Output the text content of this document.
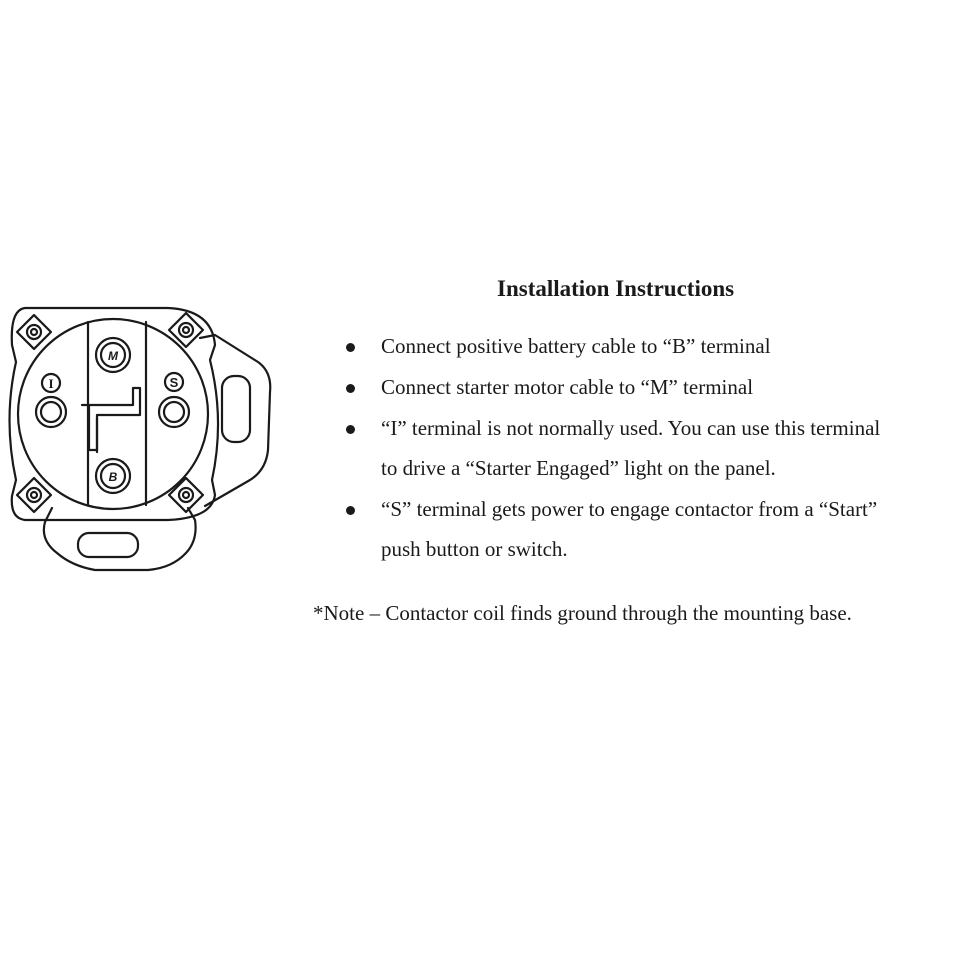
M
B
I	S
Installation Instructions
Connect positive battery cable to “B” terminal
Connect starter motor cable to “M” terminal
“I” terminal is not normally used. You can use this terminal
to drive a “Starter Engaged” light on the panel.
“S” terminal gets power to engage contactor from a “Start”
push button or switch.
*Note – Contactor coil finds ground through the mounting base.
